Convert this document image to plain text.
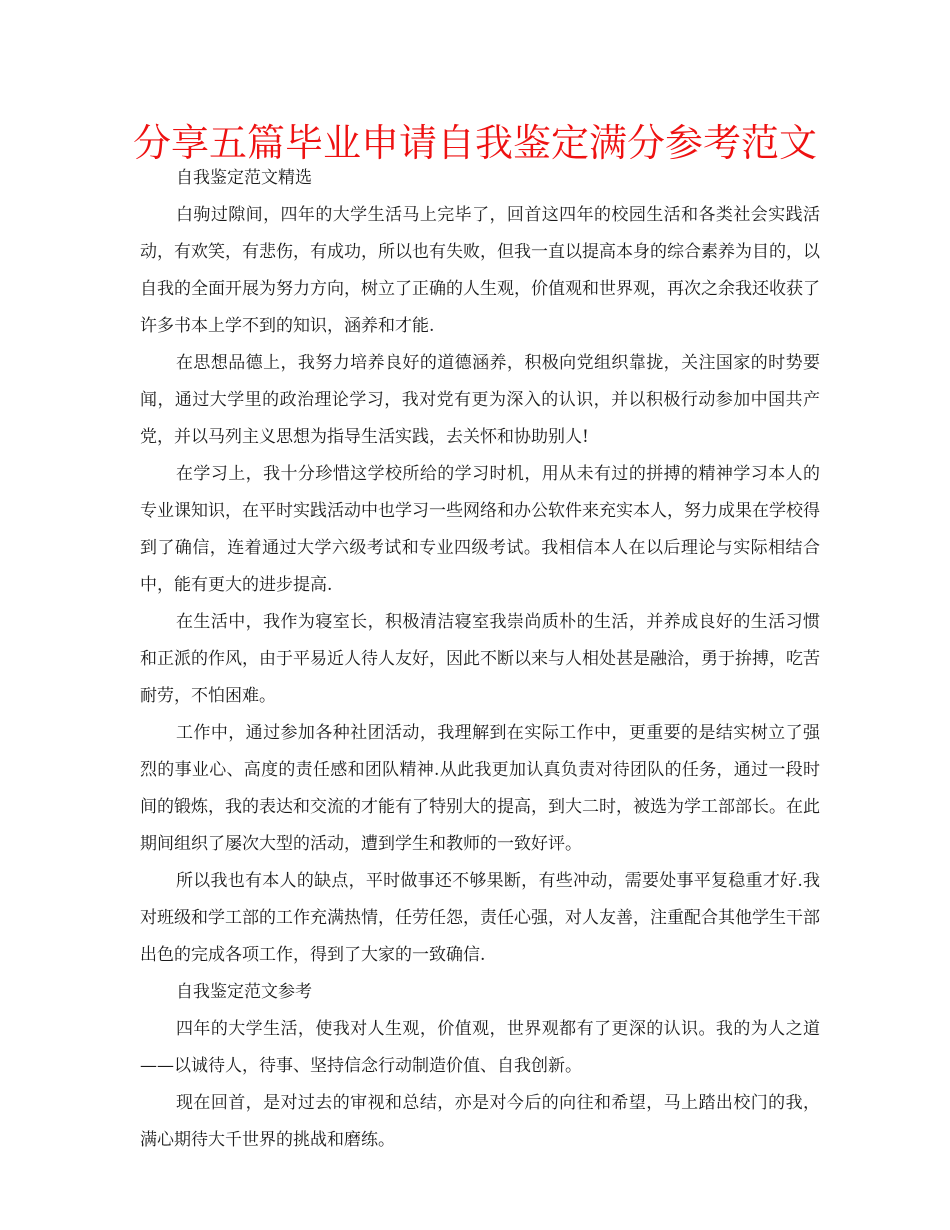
分享五篇毕业申请自我鉴定满分参考范文

自我鉴定范文精选

白驹过隙间，四年的大学生活马上完毕了，回首这四年的校园生活和各类社会实践活动，有欢笑，有悲伤，有成功，所以也有失败，但我一直以提高本身的综合素养为目的，以自我的全面开展为努力方向，树立了正确的人生观，价值观和世界观，再次之余我还收获了许多书本上学不到的知识，涵养和才能.

在思想品德上，我努力培养良好的道德涵养，积极向党组织靠拢，关注国家的时势要闻，通过大学里的政治理论学习，我对党有更为深入的认识，并以积极行动参加中国共产党，并以马列主义思想为指导生活实践，去关怀和协助别人!

在学习上，我十分珍惜这学校所给的学习时机，用从未有过的拼搏的精神学习本人的专业课知识，在平时实践活动中也学习一些网络和办公软件来充实本人，努力成果在学校得到了确信，连着通过大学六级考试和专业四级考试。我相信本人在以后理论与实际相结合中，能有更大的进步提高.

在生活中，我作为寝室长，积极清洁寝室我崇尚质朴的生活，并养成良好的生活习惯和正派的作风，由于平易近人待人友好，因此不断以来与人相处甚是融洽，勇于拚搏，吃苦耐劳，不怕困难。

工作中，通过参加各种社团活动，我理解到在实际工作中，更重要的是结实树立了强烈的事业心、高度的责任感和团队精神.从此我更加认真负责对待团队的任务，通过一段时间的锻炼，我的表达和交流的才能有了特别大的提高，到大二时，被选为学工部部长。在此期间组织了屡次大型的活动，遭到学生和教师的一致好评。

所以我也有本人的缺点，平时做事还不够果断，有些冲动，需要处事平复稳重才好.我对班级和学工部的工作充满热情，任劳任怨，责任心强，对人友善，注重配合其他学生干部出色的完成各项工作，得到了大家的一致确信.

自我鉴定范文参考

四年的大学生活，使我对人生观，价值观，世界观都有了更深的认识。我的为人之道——以诚待人，待事、坚持信念行动制造价值、自我创新。

现在回首，是对过去的审视和总结，亦是对今后的向往和希望，马上踏出校门的我，满心期待大千世界的挑战和磨练。
